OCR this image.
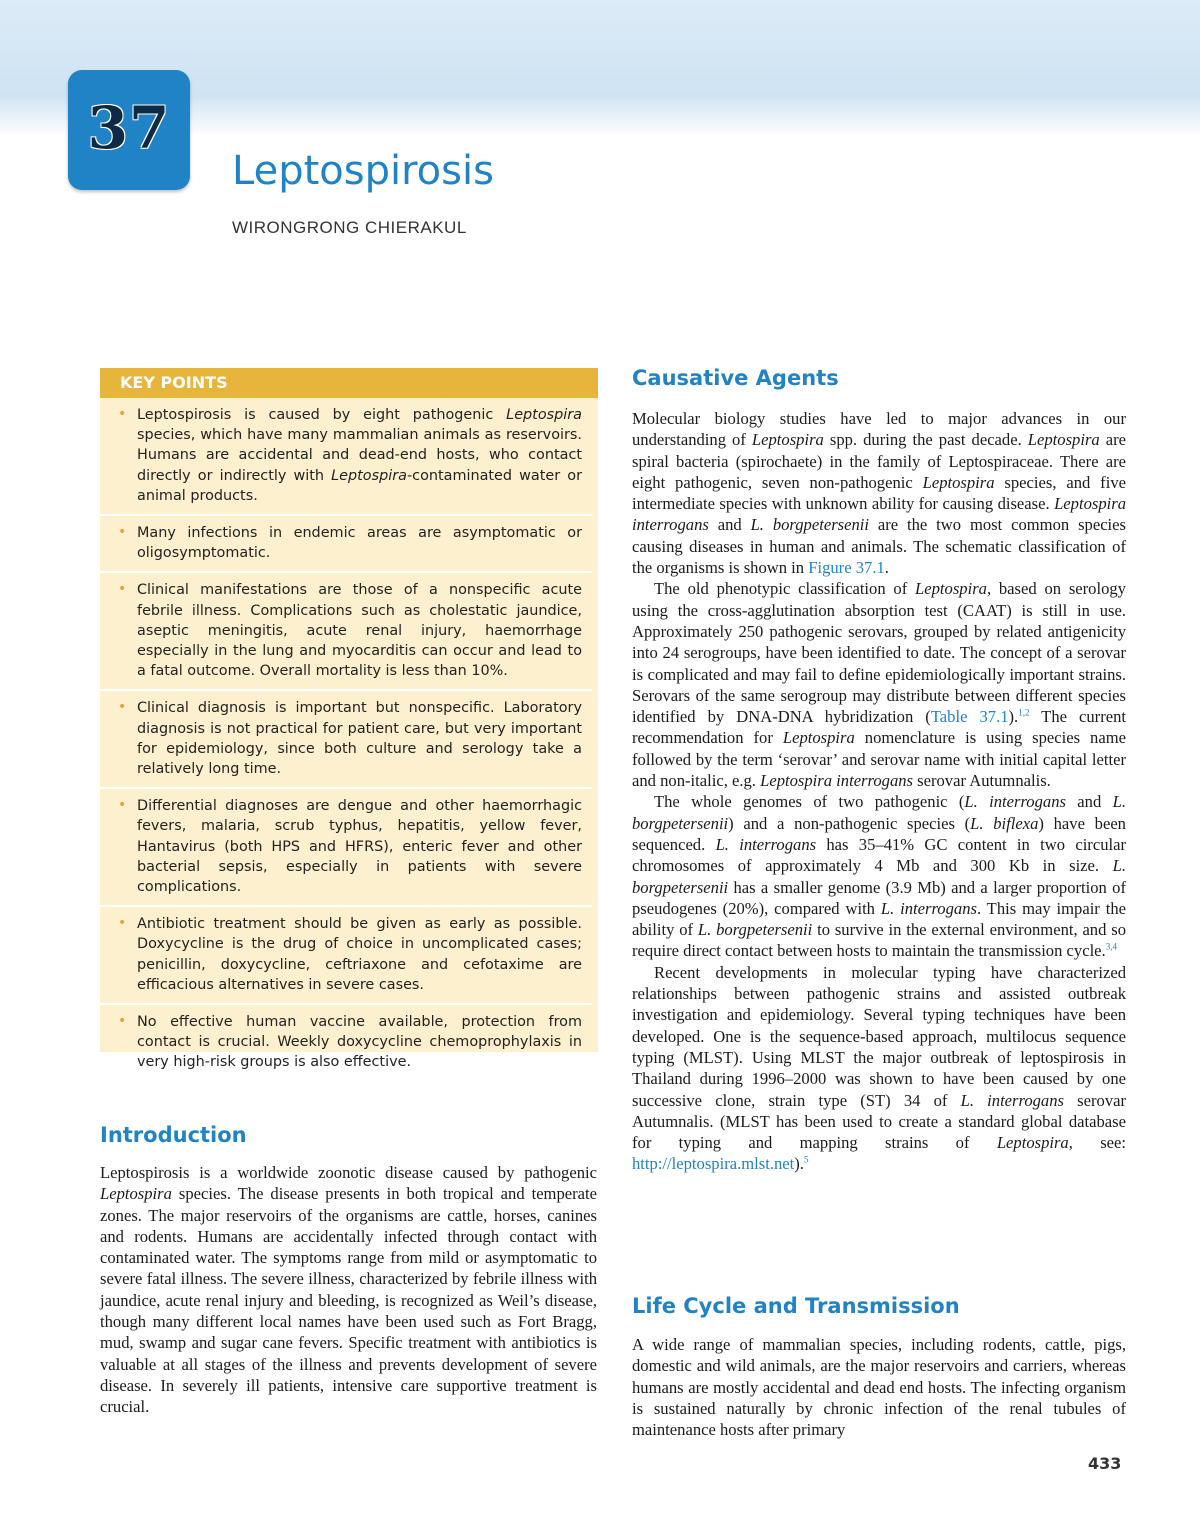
37
Leptospirosis
WIRONGRONG CHIERAKUL
KEY POINTS
• Leptospirosis is caused by eight pathogenic Leptospira species, which have many mammalian animals as reservoirs. Humans are accidental and dead-end hosts, who contact directly or indirectly with Leptospira-contaminated water or animal products.
• Many infections in endemic areas are asymptomatic or oligosymptomatic.
• Clinical manifestations are those of a nonspecific acute febrile illness. Complications such as cholestatic jaundice, aseptic meningitis, acute renal injury, haemorrhage especially in the lung and myocarditis can occur and lead to a fatal outcome. Overall mortality is less than 10%.
• Clinical diagnosis is important but nonspecific. Laboratory diagnosis is not practical for patient care, but very important for epidemiology, since both culture and serology take a relatively long time.
• Differential diagnoses are dengue and other haemorrhagic fevers, malaria, scrub typhus, hepatitis, yellow fever, Hantavirus (both HPS and HFRS), enteric fever and other bacterial sepsis, especially in patients with severe complications.
• Antibiotic treatment should be given as early as possible. Doxycycline is the drug of choice in uncomplicated cases; penicillin, doxycycline, ceftriaxone and cefotaxime are efficacious alternatives in severe cases.
• No effective human vaccine available, protection from contact is crucial. Weekly doxycycline chemoprophylaxis in very high-risk groups is also effective.
Introduction

Leptospirosis is a worldwide zoonotic disease caused by pathogenic Leptospira species. The disease presents in both tropical and temperate zones. The major reservoirs of the organisms are cattle, horses, canines and rodents. Humans are accidentally infected through contact with contaminated water. The symptoms range from mild or asymptomatic to severe fatal illness. The severe illness, characterized by febrile illness with jaundice, acute renal injury and bleeding, is recognized as Weil’s disease, though many different local names have been used such as Fort Bragg, mud, swamp and sugar cane fevers. Specific treatment with antibiotics is valuable at all stages of the illness and prevents development of severe disease. In severely ill patients, intensive care supportive treatment is crucial.

Causative Agents

Molecular biology studies have led to major advances in our understanding of Leptospira spp. during the past decade. Leptospira are spiral bacteria (spirochaete) in the family of Leptospiraceae. There are eight pathogenic, seven non-pathogenic Leptospira species, and five intermediate species with unknown ability for causing disease. Leptospira interrogans and L. borgpetersenii are the two most common species causing diseases in human and animals. The schematic classification of the organisms is shown in Figure 37.1.

The old phenotypic classification of Leptospira, based on serology using the cross-agglutination absorption test (CAAT) is still in use. Approximately 250 pathogenic serovars, grouped by related antigenicity into 24 serogroups, have been identified to date. The concept of a serovar is complicated and may fail to define epidemiologically important strains. Serovars of the same serogroup may distribute between different species identified by DNA-DNA hybridization (Table 37.1).$^{1,2}$ The current recommendation for Leptospira nomenclature is using species name followed by the term ‘serovar’ and serovar name with initial capital letter and non-italic, e.g. Leptospira interrogans serovar Autumnalis.

The whole genomes of two pathogenic (L. interrogans and L. borgpetersenii) and a non-pathogenic species (L. biflexa) have been sequenced. L. interrogans has 35–41% GC content in two circular chromosomes of approximately 4 Mb and 300 Kb in size. L. borgpetersenii has a smaller genome (3.9 Mb) and a larger proportion of pseudogenes (20%), compared with L. interrogans. This may impair the ability of L. borgpetersenii to survive in the external environment, and so require direct contact between hosts to maintain the transmission cycle.$^{3,4}$

Recent developments in molecular typing have characterized relationships between pathogenic strains and assisted outbreak investigation and epidemiology. Several typing techniques have been developed. One is the sequence-based approach, multilocus sequence typing (MLST). Using MLST the major outbreak of leptospirosis in Thailand during 1996–2000 was shown to have been caused by one successive clone, strain type (ST) 34 of L. interrogans serovar Autumnalis. (MLST has been used to create a standard global database for typing and mapping strains of Leptospira, see: http://leptospira.mlst.net).$^5$

Life Cycle and Transmission

A wide range of mammalian species, including rodents, cattle, pigs, domestic and wild animals, are the major reservoirs and carriers, whereas humans are mostly accidental and dead end hosts. The infecting organism is sustained naturally by chronic infection of the renal tubules of maintenance hosts after primary

433
